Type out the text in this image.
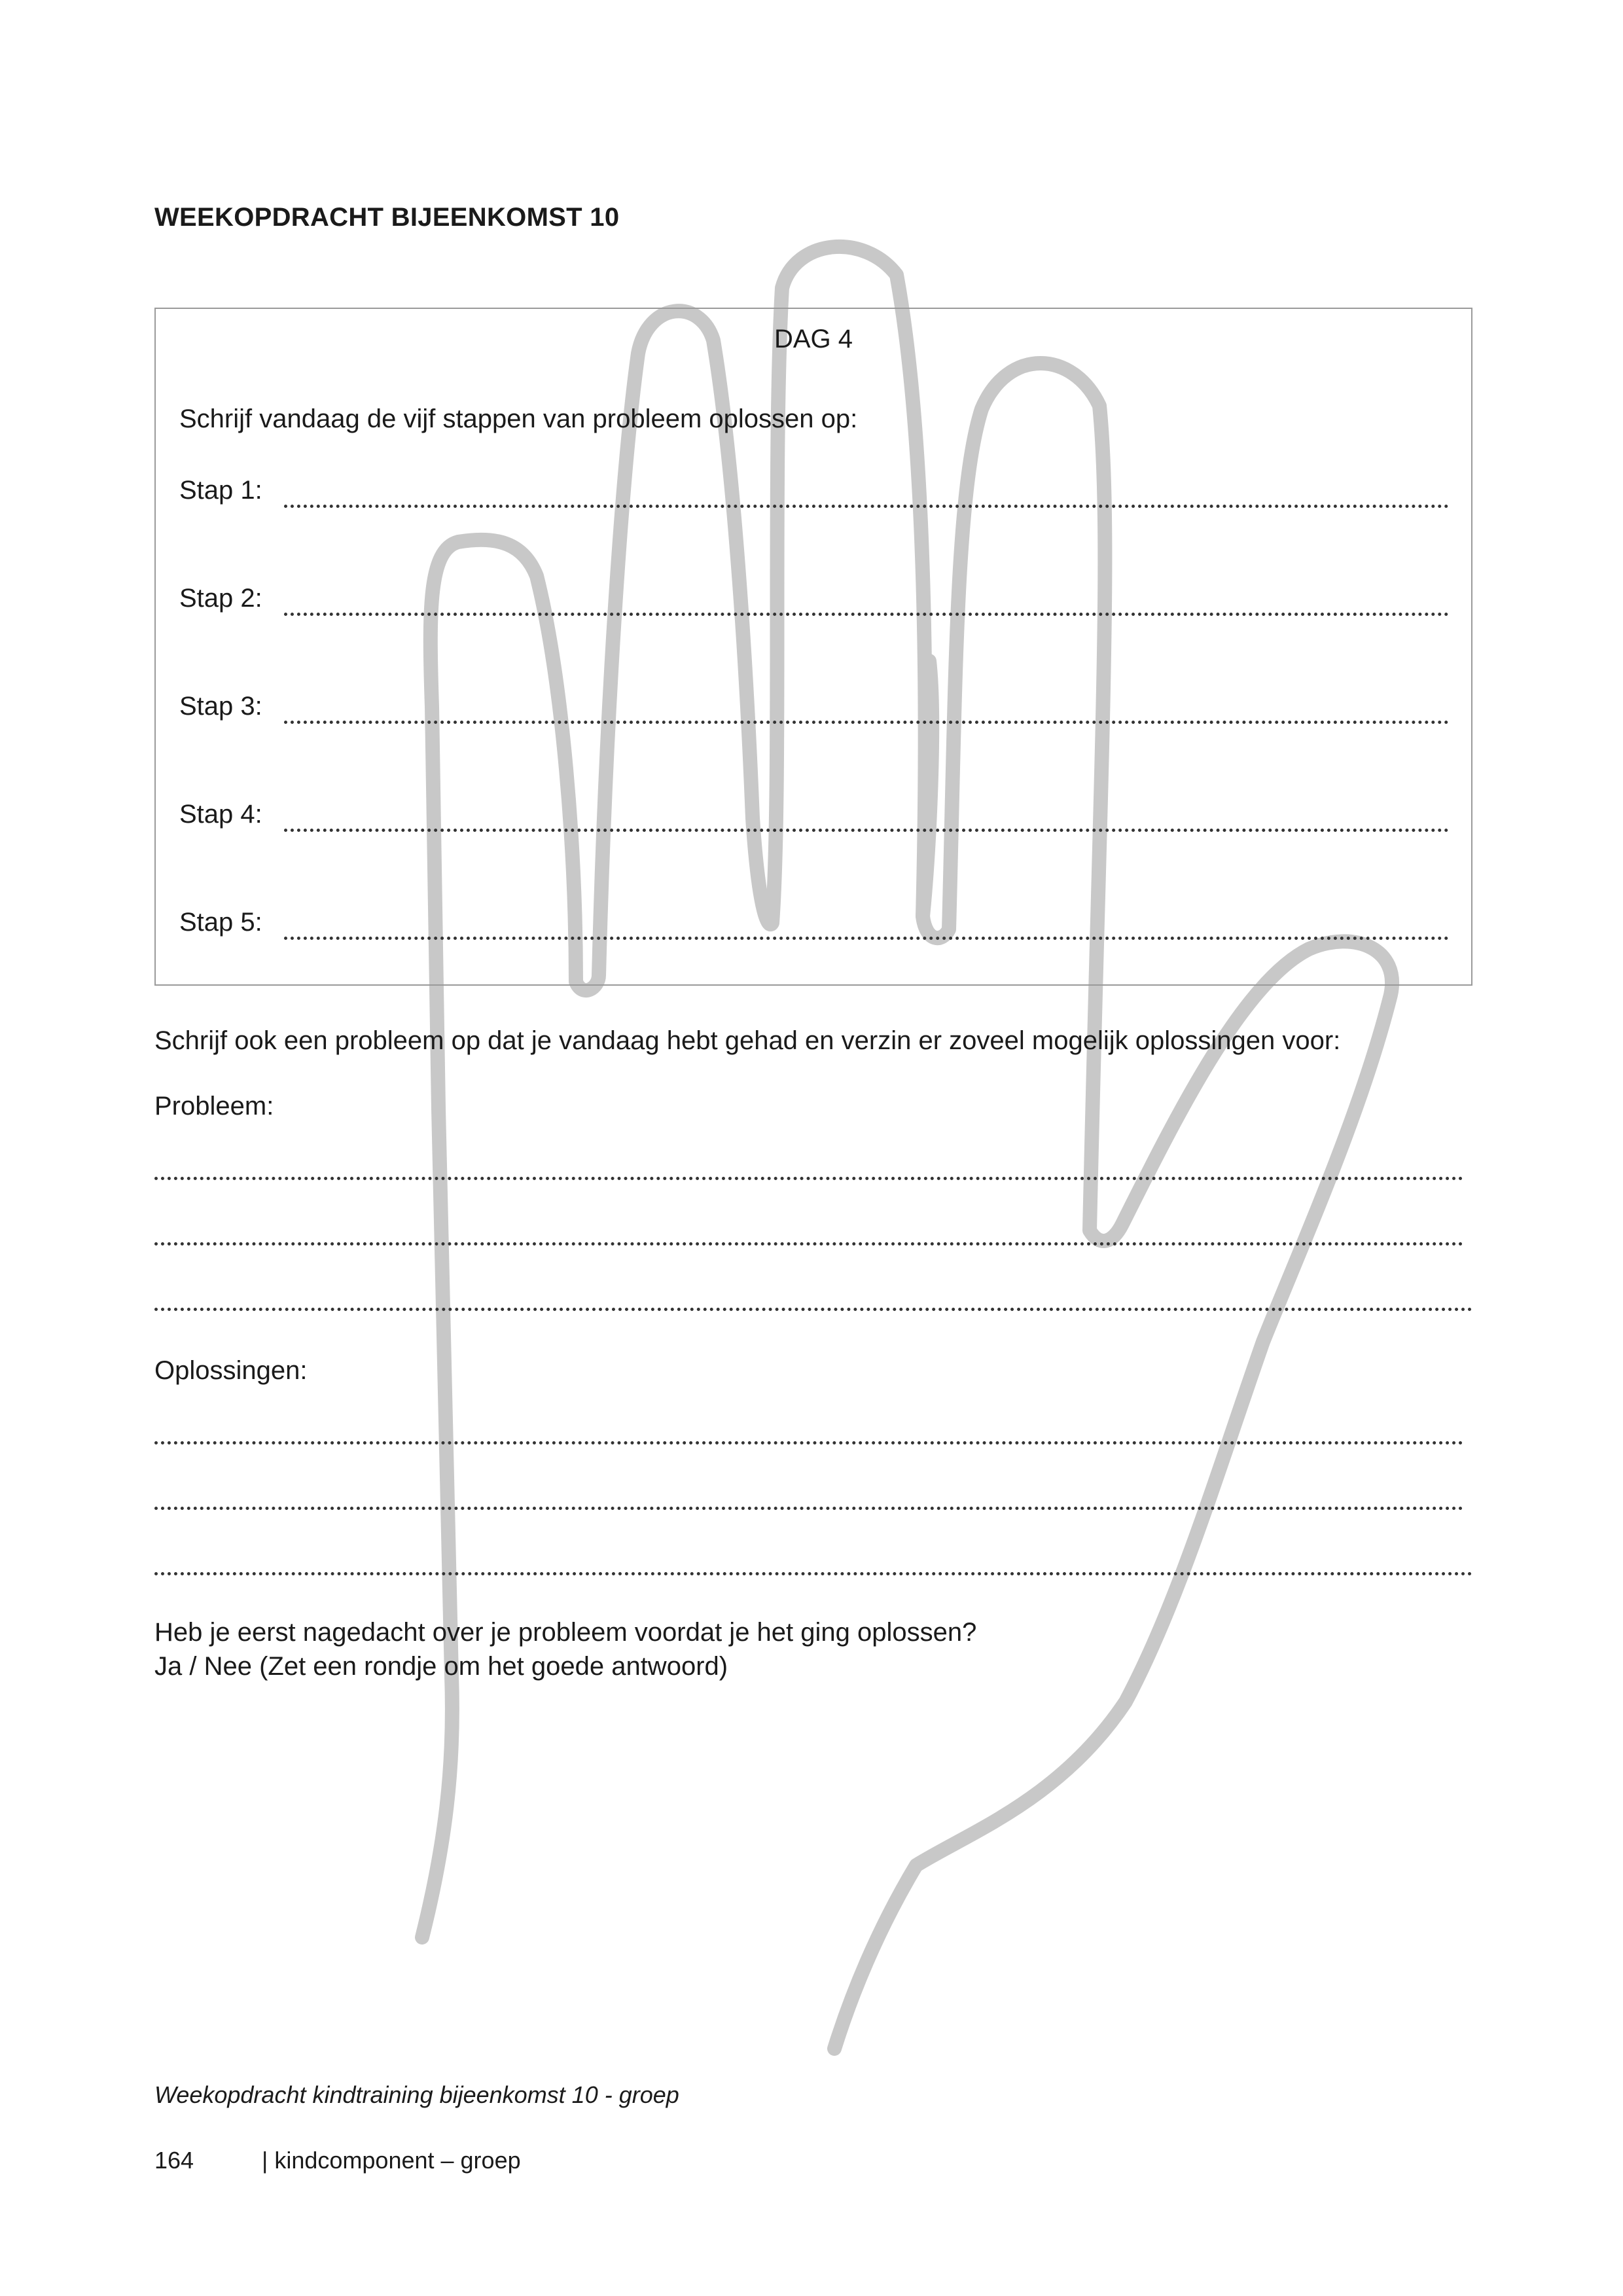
WEEKOPDRACHT BIJEENKOMST 10
DAG 4
Schrijf vandaag de vijf stappen van probleem oplossen op:
Stap 1:
Stap 2:
Stap 3:
Stap 4:
Stap 5:
Schrijf ook een probleem op dat je vandaag hebt gehad en verzin er zoveel mogelijk oplossingen voor:
Probleem:
Oplossingen:
Heb je eerst nagedacht over je probleem voordat je het ging oplossen?
Ja / Nee (Zet een rondje om het goede antwoord)
Weekopdracht kindtraining bijeenkomst 10 - groep
164	| kindcomponent – groep
